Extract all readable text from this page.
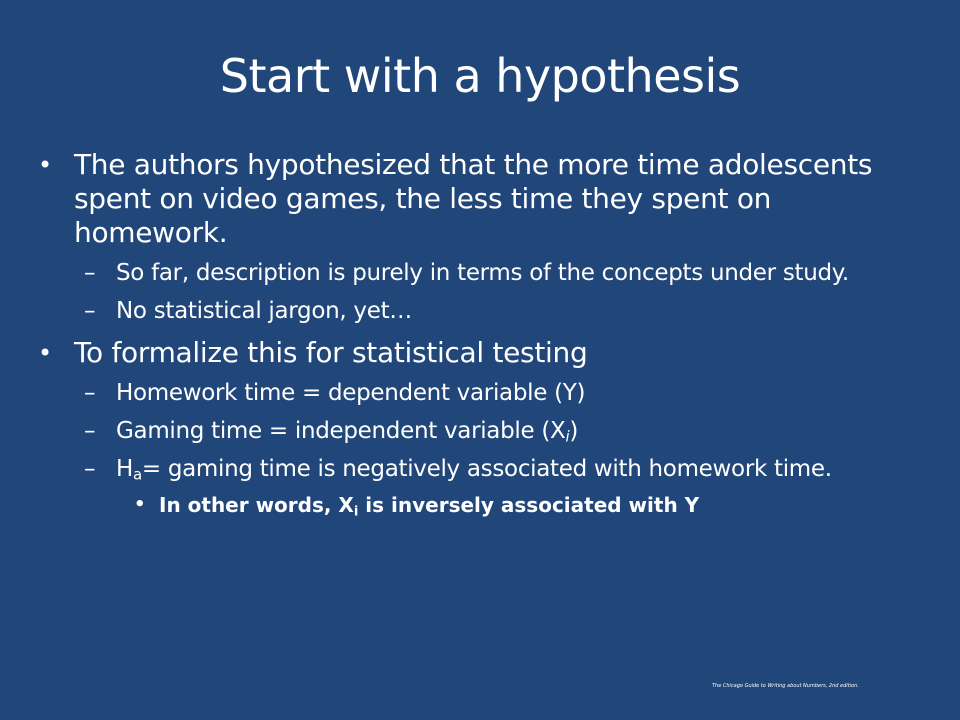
Start with a hypothesis
• The authors hypothesized that the more time adolescents spent on video games, the less time they spent on homework.
– So far, description is purely in terms of the concepts under study.
– No statistical jargon, yet…
• To formalize this for statistical testing
– Homework time = dependent variable (Y)
– Gaming time = independent variable $(X_i)$
– $H_a= gaming$ time is negatively associated with homework time.
• In other words, $X_i$ is inversely associated with Y
The Chicago Guide to Writing about Numbers, 2nd edition.
